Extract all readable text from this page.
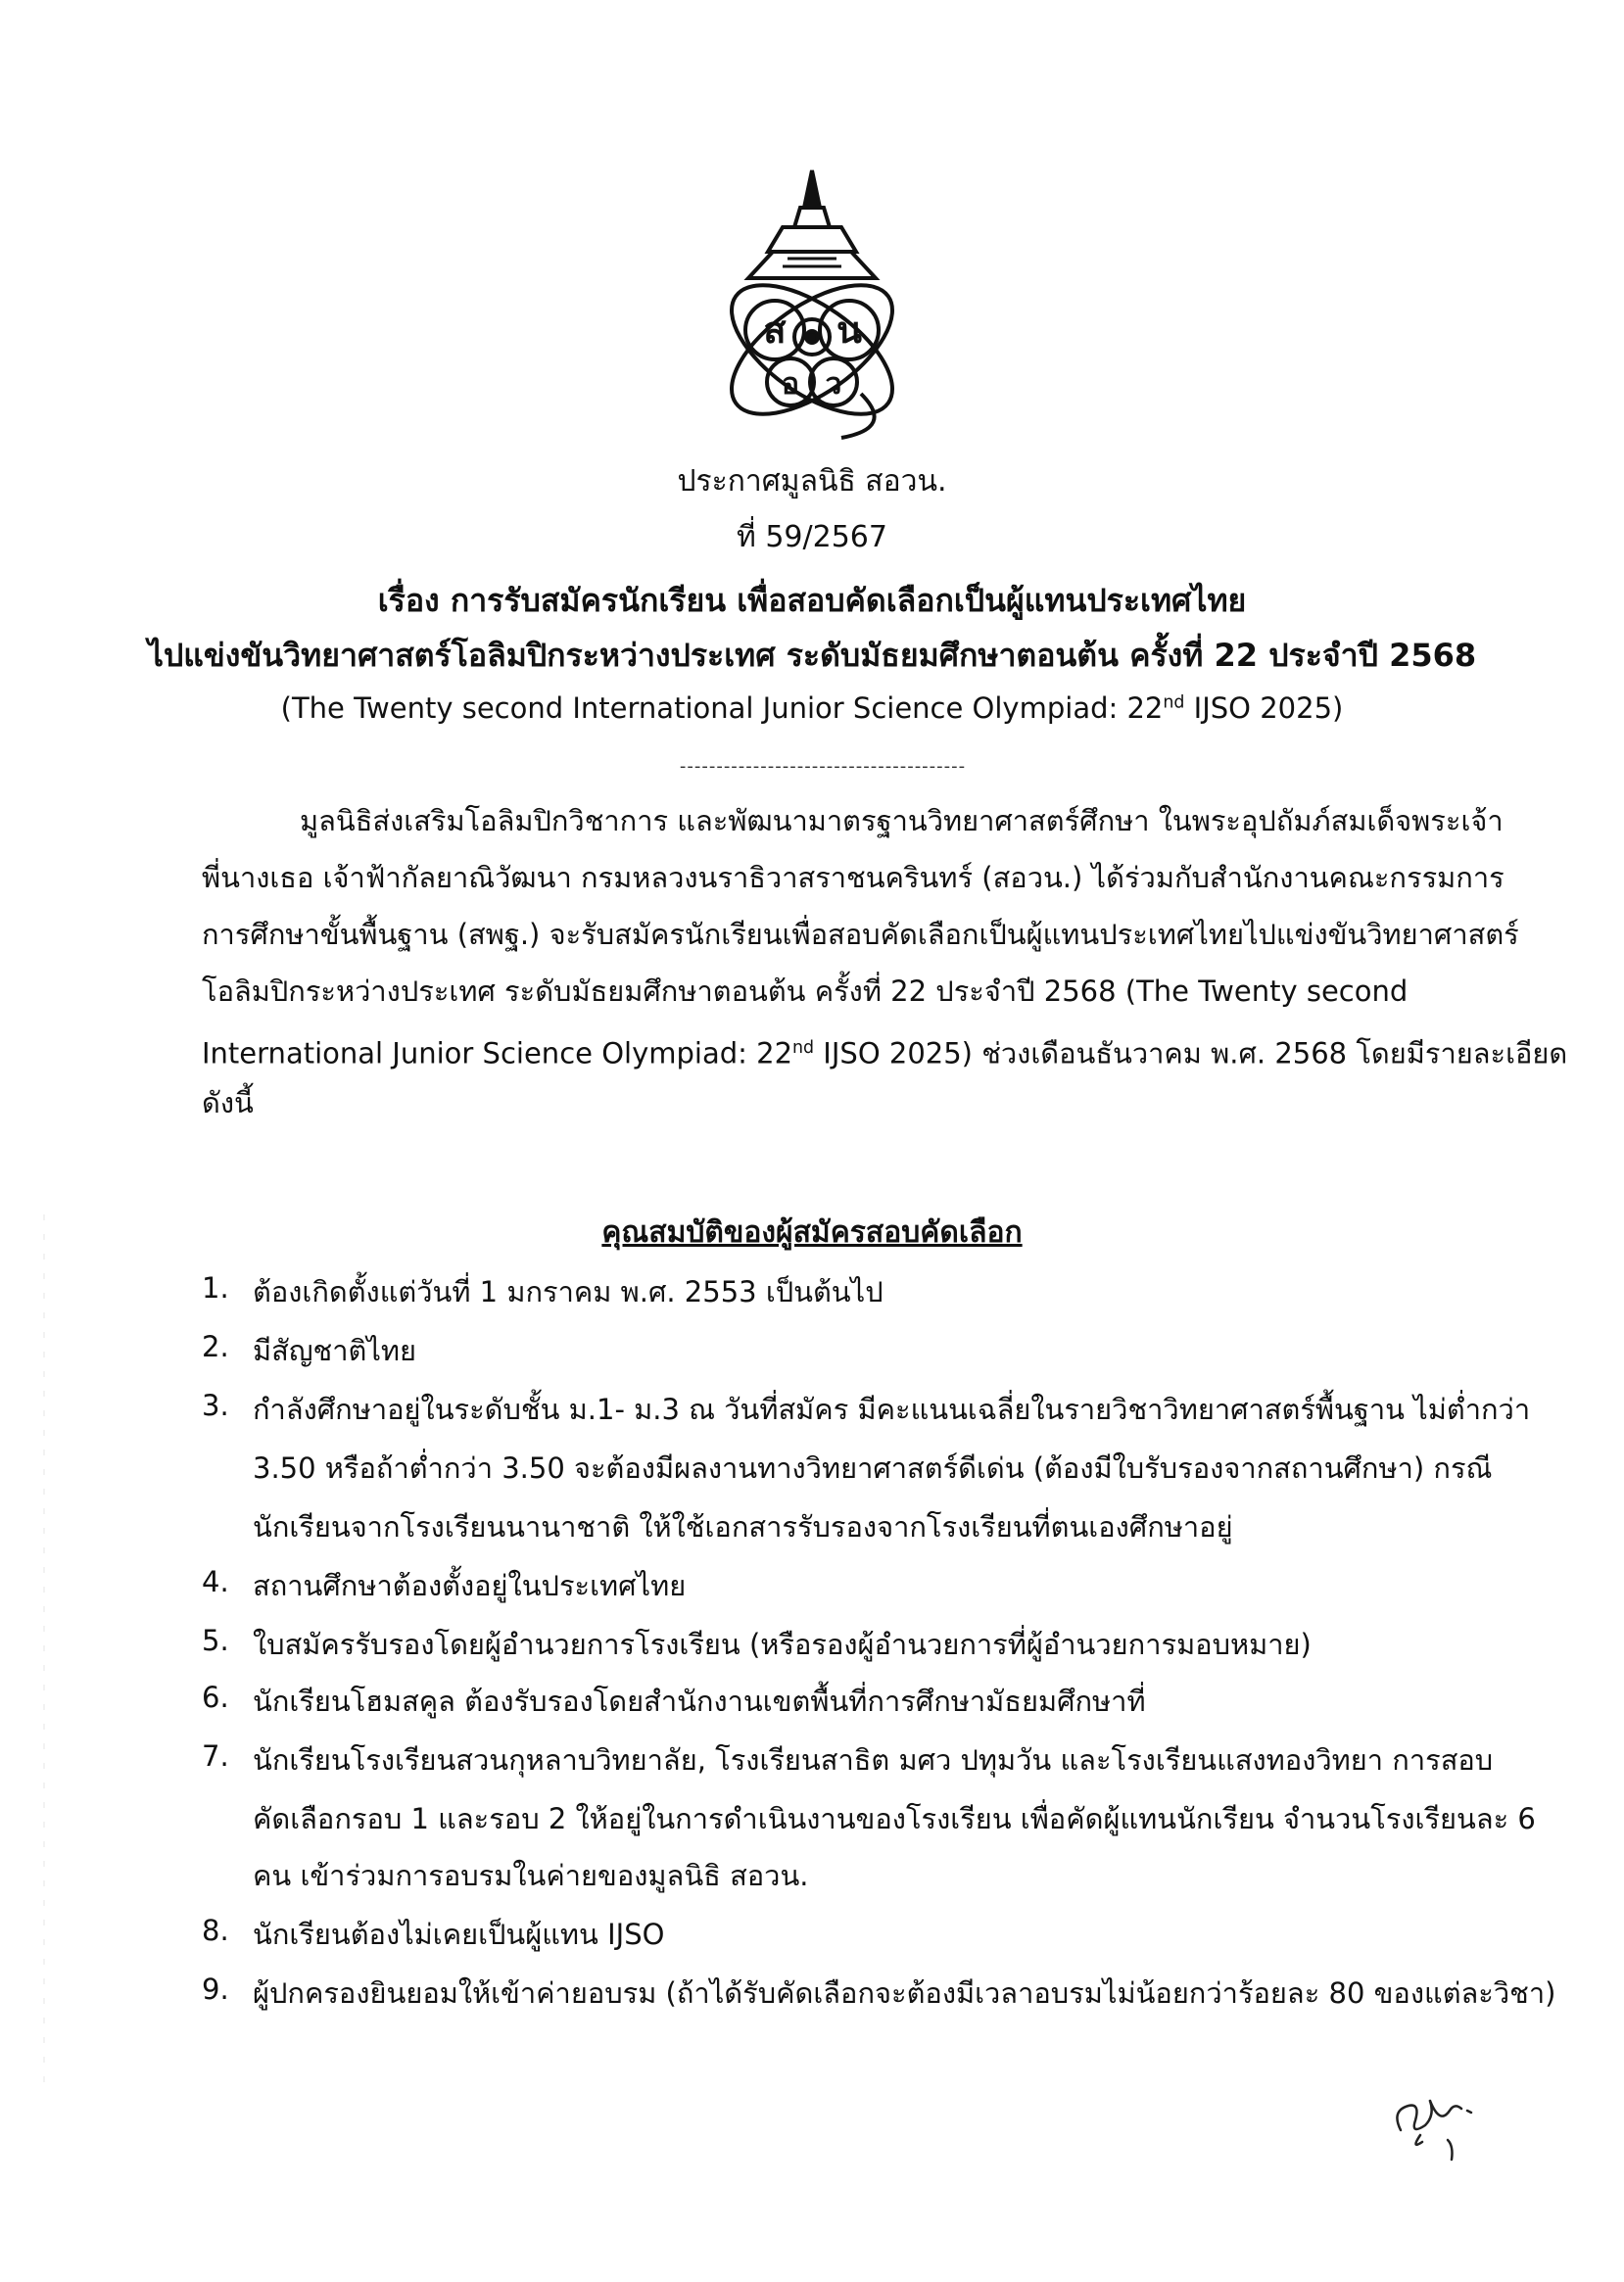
ส น
อ ว
ประกาศมูลนิธิ สอวน.
ที่ 59/2567
เรื่อง การรับสมัครนักเรียน เพื่อสอบคัดเลือกเป็นผู้แทนประเทศไทย
ไปแข่งขันวิทยาศาสตร์โอลิมปิกระหว่างประเทศ ระดับมัธยมศึกษาตอนต้น ครั้งที่ 22 ประจำปี 2568
(The Twenty second International Junior Science Olympiad: 22nd IJSO 2025)
---------------------------------------
มูลนิธิส่งเสริมโอลิมปิกวิชาการ และพัฒนามาตรฐานวิทยาศาสตร์ศึกษา ในพระอุปถัมภ์สมเด็จพระเจ้า
พี่นางเธอ เจ้าฟ้ากัลยาณิวัฒนา กรมหลวงนราธิวาสราชนครินทร์ (สอวน.) ได้ร่วมกับสำนักงานคณะกรรมการ
การศึกษาขั้นพื้นฐาน (สพฐ.) จะรับสมัครนักเรียนเพื่อสอบคัดเลือกเป็นผู้แทนประเทศไทยไปแข่งขันวิทยาศาสตร์
โอลิมปิกระหว่างประเทศ ระดับมัธยมศึกษาตอนต้น ครั้งที่ 22 ประจำปี 2568 (The Twenty second
International Junior Science Olympiad: 22nd IJSO 2025) ช่วงเดือนธันวาคม พ.ศ. 2568 โดยมีรายละเอียด
ดังนี้
คุณสมบัติของผู้สมัครสอบคัดเลือก
1. ต้องเกิดตั้งแต่วันที่ 1 มกราคม พ.ศ. 2553 เป็นต้นไป
2. มีสัญชาติไทย
3. กำลังศึกษาอยู่ในระดับชั้น ม.1- ม.3 ณ วันที่สมัคร มีคะแนนเฉลี่ยในรายวิชาวิทยาศาสตร์พื้นฐาน ไม่ต่ำกว่า
3.50 หรือถ้าต่ำกว่า 3.50 จะต้องมีผลงานทางวิทยาศาสตร์ดีเด่น (ต้องมีใบรับรองจากสถานศึกษา) กรณี
นักเรียนจากโรงเรียนนานาชาติ ให้ใช้เอกสารรับรองจากโรงเรียนที่ตนเองศึกษาอยู่
4. สถานศึกษาต้องตั้งอยู่ในประเทศไทย
5. ใบสมัครรับรองโดยผู้อำนวยการโรงเรียน (หรือรองผู้อำนวยการที่ผู้อำนวยการมอบหมาย)
6. นักเรียนโฮมสคูล ต้องรับรองโดยสำนักงานเขตพื้นที่การศึกษามัธยมศึกษาที่
7. นักเรียนโรงเรียนสวนกุหลาบวิทยาลัย, โรงเรียนสาธิต มศว ปทุมวัน และโรงเรียนแสงทองวิทยา การสอบ
คัดเลือกรอบ 1 และรอบ 2 ให้อยู่ในการดำเนินงานของโรงเรียน เพื่อคัดผู้แทนนักเรียน จำนวนโรงเรียนละ 6
คน เข้าร่วมการอบรมในค่ายของมูลนิธิ สอวน.
8. นักเรียนต้องไม่เคยเป็นผู้แทน IJSO
9. ผู้ปกครองยินยอมให้เข้าค่ายอบรม (ถ้าได้รับคัดเลือกจะต้องมีเวลาอบรมไม่น้อยกว่าร้อยละ 80 ของแต่ละวิชา)
